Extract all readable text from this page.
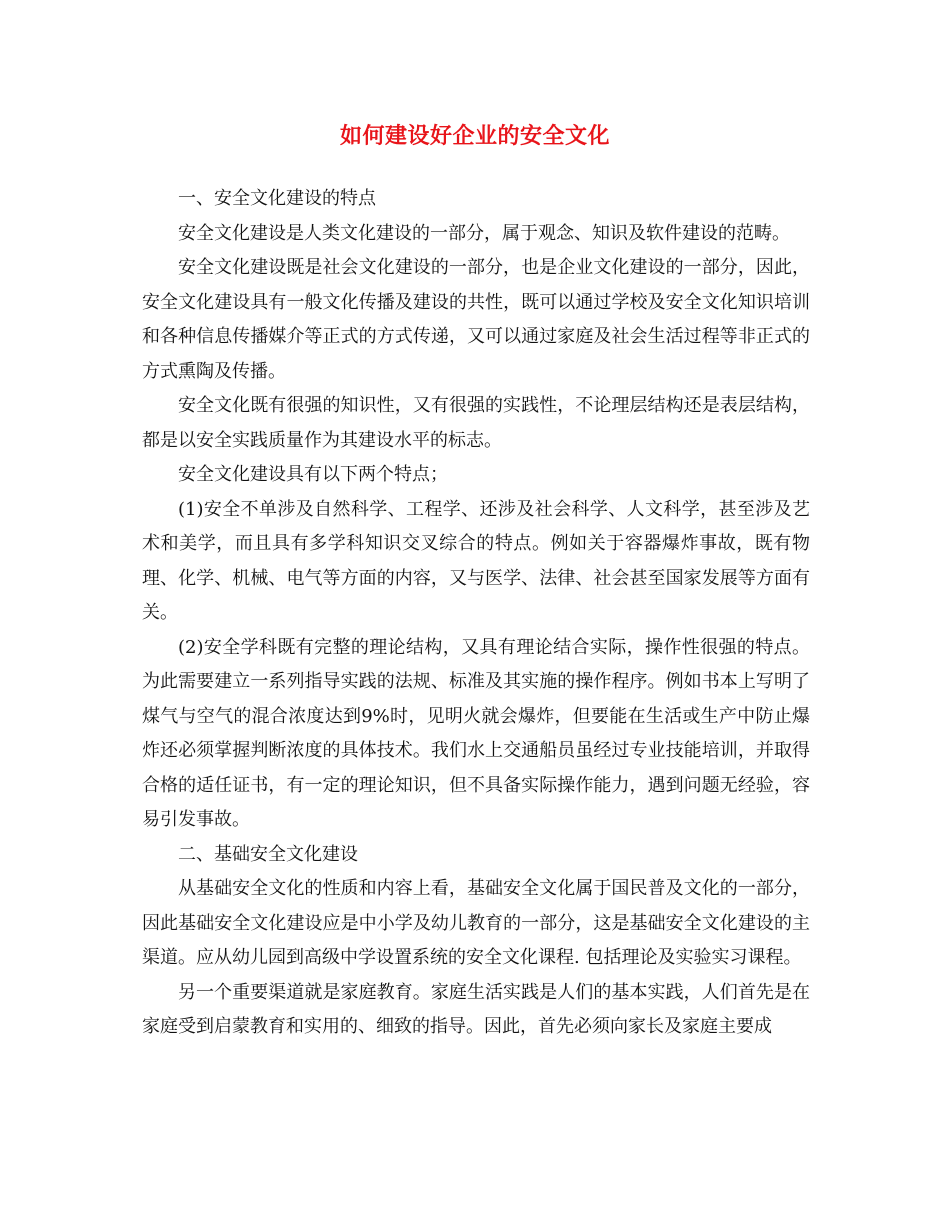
如何建设好企业的安全文化

一、安全文化建设的特点

安全文化建设是人类文化建设的一部分，属于观念、知识及软件建设的范畴。

安全文化建设既是社会文化建设的一部分，也是企业文化建设的一部分，因此，安全文化建设具有一般文化传播及建设的共性，既可以通过学校及安全文化知识培训和各种信息传播媒介等正式的方式传递，又可以通过家庭及社会生活过程等非正式的方式熏陶及传播。

安全文化既有很强的知识性，又有很强的实践性，不论理层结构还是表层结构，都是以安全实践质量作为其建设水平的标志。

安全文化建设具有以下两个特点；

(1)安全不单涉及自然科学、工程学、还涉及社会科学、人文科学，甚至涉及艺术和美学，而且具有多学科知识交叉综合的特点。例如关于容器爆炸事故，既有物理、化学、机械、电气等方面的内容，又与医学、法律、社会甚至国家发展等方面有关。

(2)安全学科既有完整的理论结构，又具有理论结合实际，操作性很强的特点。为此需要建立一系列指导实践的法规、标准及其实施的操作程序。例如书本上写明了煤气与空气的混合浓度达到9%时，见明火就会爆炸，但要能在生活或生产中防止爆炸还必须掌握判断浓度的具体技术。我们水上交通船员虽经过专业技能培训，并取得合格的适任证书，有一定的理论知识，但不具备实际操作能力，遇到问题无经验，容易引发事故。

二、基础安全文化建设

从基础安全文化的性质和内容上看，基础安全文化属于国民普及文化的一部分，因此基础安全文化建设应是中小学及幼儿教育的一部分，这是基础安全文化建设的主渠道。应从幼儿园到高级中学设置系统的安全文化课程. 包括理论及实验实习课程。

另一个重要渠道就是家庭教育。家庭生活实践是人们的基本实践，人们首先是在家庭受到启蒙教育和实用的、细致的指导。因此，首先必须向家长及家庭主要成
